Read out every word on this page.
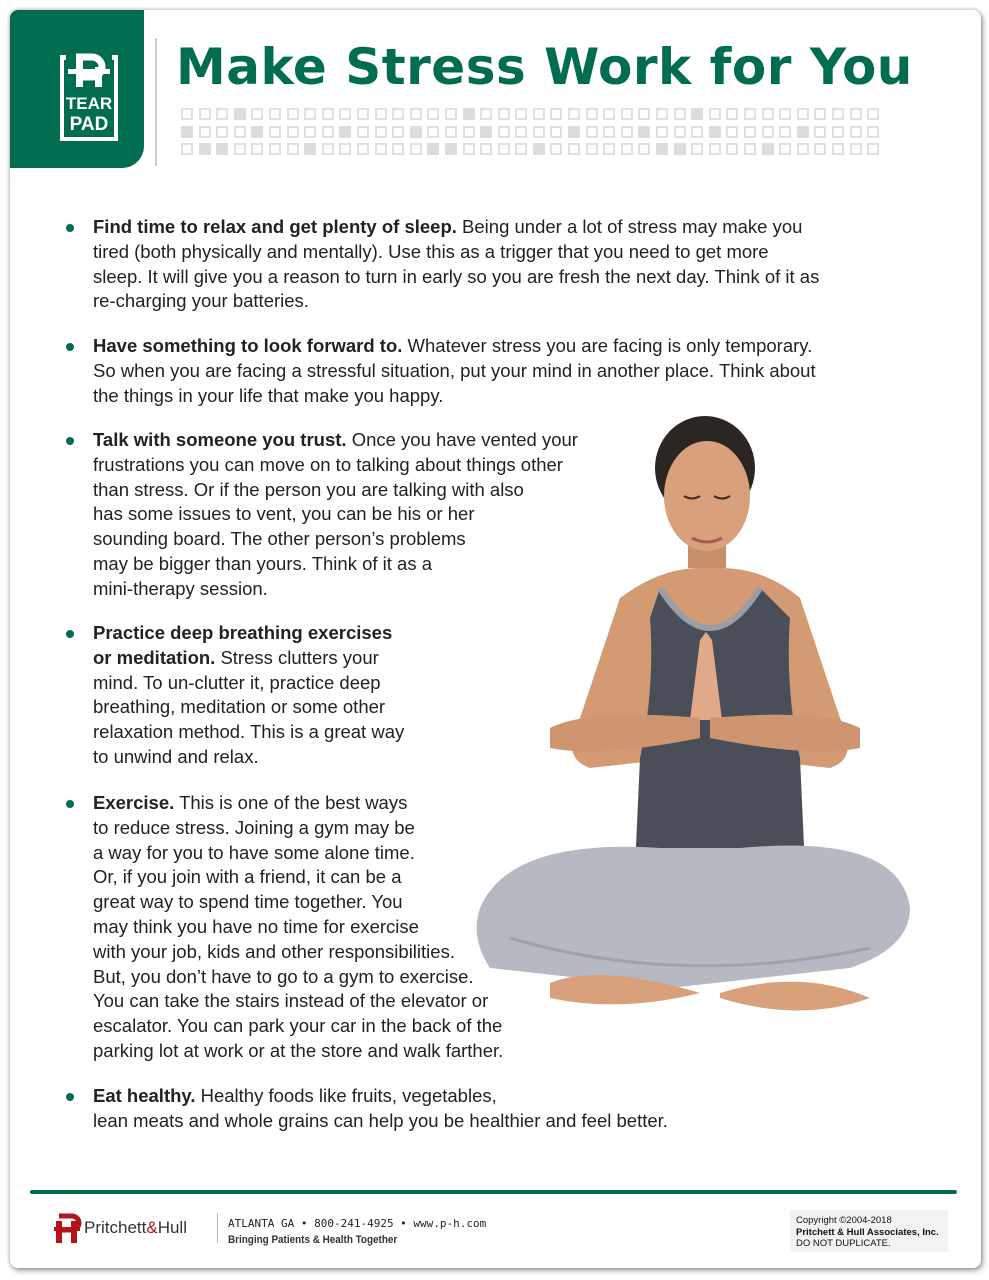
TEAR
PAD
Make Stress Work for You
Find time to relax and get plenty of sleep. Being under a lot of stress may make you
tired (both physically and mentally). Use this as a trigger that you need to get more
sleep. It will give you a reason to turn in early so you are fresh the next day. Think of it as
re-charging your batteries.
Have something to look forward to. Whatever stress you are facing is only temporary.
So when you are facing a stressful situation, put your mind in another place. Think about
the things in your life that make you happy.
Talk with someone you trust. Once you have vented your
frustrations you can move on to talking about things other
than stress. Or if the person you are talking with also
has some issues to vent, you can be his or her
sounding board. The other person’s problems
may be bigger than yours. Think of it as a
mini-therapy session.
Practice deep breathing exercises
or meditation. Stress clutters your
mind. To un-clutter it, practice deep
breathing, meditation or some other
relaxation method. This is a great way
to unwind and relax.
Exercise. This is one of the best ways
to reduce stress. Joining a gym may be
a way for you to have some alone time.
Or, if you join with a friend, it can be a
great way to spend time together. You
may think you have no time for exercise
with your job, kids and other responsibilities.
But, you don’t have to go to a gym to exercise.
You can take the stairs instead of the elevator or
escalator. You can park your car in the back of the
parking lot at work or at the store and walk farther.
Eat healthy. Healthy foods like fruits, vegetables,
lean meats and whole grains can help you be healthier and feel better.
Pritchett&Hull	ATLANTA GA • 800-241-4925 • www.p-h.com
Bringing Patients & Health Together
Copyright ©2004-2018
Pritchett & Hull Associates, Inc.
DO NOT DUPLICATE.
